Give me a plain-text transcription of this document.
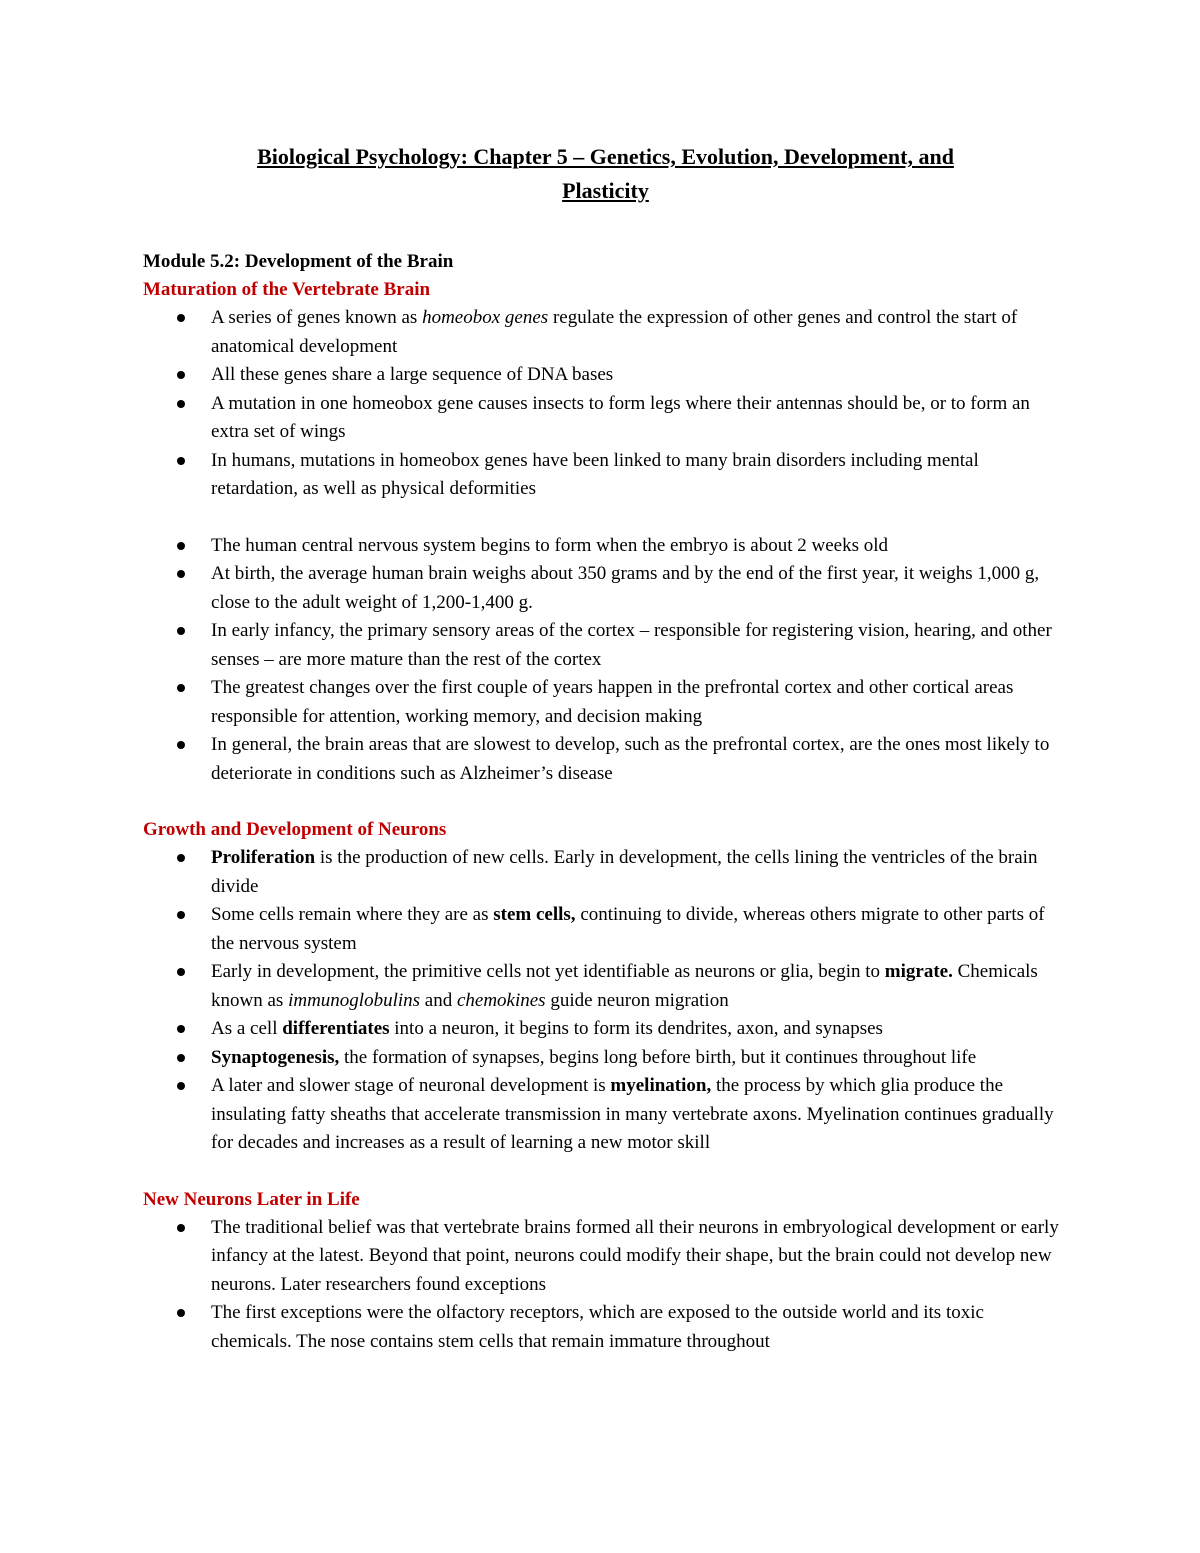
Biological Psychology: Chapter 5 – Genetics, Evolution, Development, and
Plasticity

Module 5.2: Development of the Brain

Maturation of the Vertebrate Brain

A series of genes known as homeobox genes regulate the expression of other genes and control the start of anatomical development
All these genes share a large sequence of DNA bases
A mutation in one homeobox gene causes insects to form legs where their antennas should be, or to form an extra set of wings
In humans, mutations in homeobox genes have been linked to many brain disorders including mental retardation, as well as physical deformities
The human central nervous system begins to form when the embryo is about 2 weeks old
At birth, the average human brain weighs about 350 grams and by the end of the first year, it weighs 1,000 g, close to the adult weight of 1,200-1,400 g.
In early infancy, the primary sensory areas of the cortex – responsible for registering vision, hearing, and other senses – are more mature than the rest of the cortex
The greatest changes over the first couple of years happen in the prefrontal cortex and other cortical areas responsible for attention, working memory, and decision making
In general, the brain areas that are slowest to develop, such as the prefrontal cortex, are the ones most likely to deteriorate in conditions such as Alzheimer’s disease

Growth and Development of Neurons

Proliferation is the production of new cells. Early in development, the cells lining the ventricles of the brain divide
Some cells remain where they are as stem cells, continuing to divide, whereas others migrate to other parts of the nervous system
Early in development, the primitive cells not yet identifiable as neurons or glia, begin to migrate. Chemicals known as immunoglobulins and chemokines guide neuron migration
As a cell differentiates into a neuron, it begins to form its dendrites, axon, and synapses
Synaptogenesis, the formation of synapses, begins long before birth, but it continues throughout life
A later and slower stage of neuronal development is myelination, the process by which glia produce the insulating fatty sheaths that accelerate transmission in many vertebrate axons. Myelination continues gradually for decades and increases as a result of learning a new motor skill

New Neurons Later in Life

The traditional belief was that vertebrate brains formed all their neurons in embryological development or early infancy at the latest. Beyond that point, neurons could modify their shape, but the brain could not develop new neurons. Later researchers found exceptions
The first exceptions were the olfactory receptors, which are exposed to the outside world and its toxic chemicals. The nose contains stem cells that remain immature throughout
